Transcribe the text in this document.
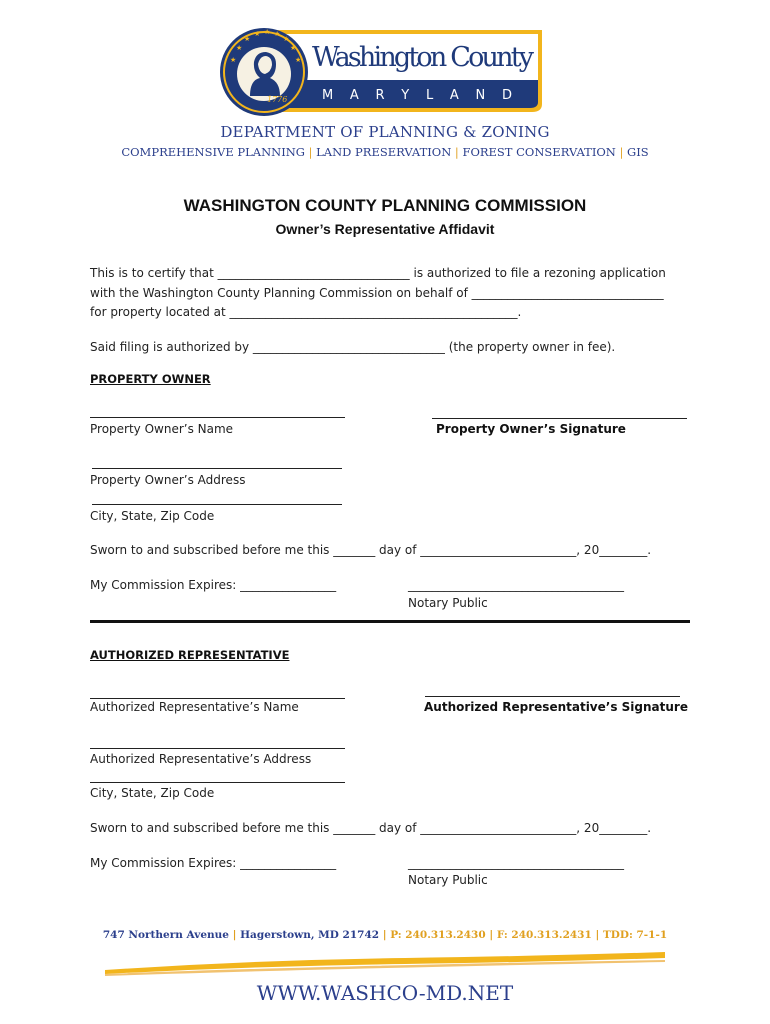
★
★
★ ★ ★
★
★
★	★
1776
Washington County
M A R Y L A N D
DEPARTMENT OF PLANNING & ZONING
COMPREHENSIVE PLANNING | LAND PRESERVATION | FOREST CONSERVATION | GIS
WASHINGTON COUNTY PLANNING COMMISSION
Owner’s Representative Affidavit
This is to certify that ________________________________ is authorized to file a rezoning application
with the Washington County Planning Commission on behalf of ________________________________
for property located at ________________________________________________.
Said filing is authorized by ________________________________ (the property owner in fee).
PROPERTY OWNER
Property Owner’s Name	Property Owner’s Signature
Property Owner’s Address
City, State, Zip Code
Sworn to and subscribed before me this _______ day of __________________________, 20________.
My Commission Expires: ________________	____________________________________
Notary Public
AUTHORIZED REPRESENTATIVE
Authorized Representative’s Name	Authorized Representative’s Signature
Authorized Representative’s Address
City, State, Zip Code
Sworn to and subscribed before me this _______ day of __________________________, 20________.
My Commission Expires: ________________	____________________________________
Notary Public
747 Northern Avenue | Hagerstown, MD 21742 | P: 240.313.2430 | F: 240.313.2431 | TDD: 7-1-1
WWW.WASHCO-MD.NET
